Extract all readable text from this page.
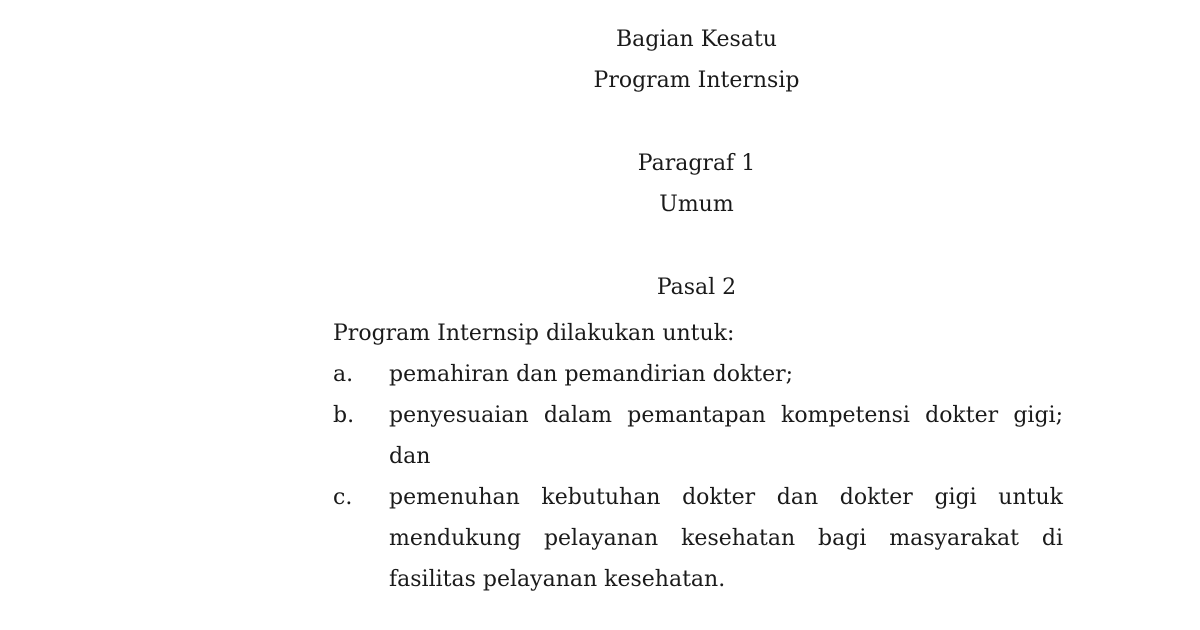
Bagian Kesatu
Program Internsip
Paragraf 1
Umum
Pasal 2
Program Internsip dilakukan untuk:
a.	pemahiran dan pemandirian dokter;
b.	penyesuaian dalam pemantapan kompetensi dokter gigi; dan
c.	pemenuhan kebutuhan dokter dan dokter gigi untuk mendukung pelayanan kesehatan bagi masyarakat di fasilitas pelayanan kesehatan.
